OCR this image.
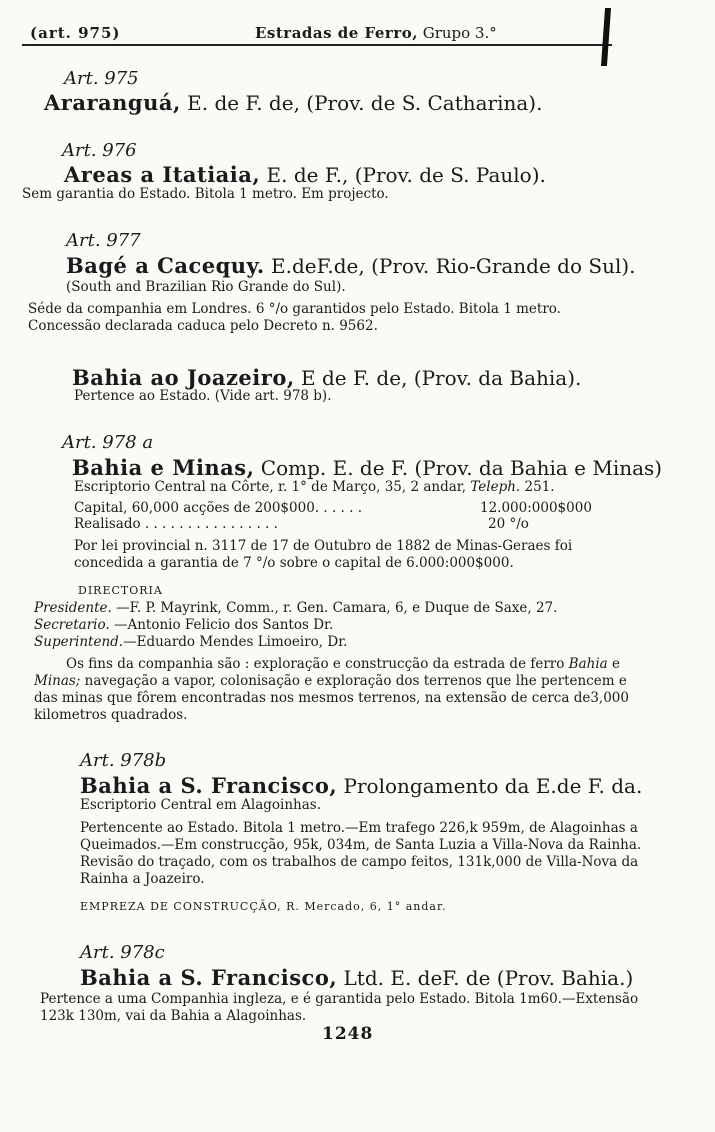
(art. 975)	Estradas de Ferro, Grupo 3.°
Art. 975
Araranguá, E. de F. de, (Prov. de S. Catharina).
Art. 976
Areas a Itatiaia, E. de F., (Prov. de S. Paulo).
Sem garantia do Estado. Bitola 1 metro. Em projecto.
Art. 977
Bagé a Cacequy. E.deF.de, (Prov. Rio-Grande do Sul).
(South and Brazilian Rio Grande do Sul).
Séde da companhia em Londres. 6 °/o garantidos pelo Estado. Bitola 1 metro.
Concessão declarada caduca pelo Decreto n. 9562.
Bahia ao Joazeiro, E de F. de, (Prov. da Bahia).
Pertence ao Estado. (Vide art. 978 b).
Art. 978 a
Bahia e Minas, Comp. E. de F. (Prov. da Bahia e Minas)
Escriptorio Central na Côrte, r. 1° de Março, 35, 2 andar, Teleph. 251.
Capital, 60,000 acções de 200$000. . . . . .	12.000:000$000
Realisado . . . . . . . . . . . . . . . .	20 °/o
Por lei provincial n. 3117 de 17 de Outubro de 1882 de Minas-Geraes foi
concedida a garantia de 7 °/o sobre o capital de 6.000:000$000.
DIRECTORIA
Presidente. —F. P. Mayrink, Comm., r. Gen. Camara, 6, e Duque de Saxe, 27.
Secretario. —Antonio Felicio dos Santos Dr.
Superintend.—Eduardo Mendes Limoeiro, Dr.
Os fins da companhia são : exploração e construcção da estrada de ferro Bahia e
Minas; navegação a vapor, colonisação e exploração dos terrenos que lhe pertencem e
das minas que fôrem encontradas nos mesmos terrenos, na extensão de cerca de3,000
kilometros quadrados.
Art. 978b
Bahia a S. Francisco, Prolongamento da E.de F. da.
Escriptorio Central em Alagoinhas.
Pertencente ao Estado. Bitola 1 metro.—Em trafego 226,k 959m, de Alagoinhas a
Queimados.—Em construcção, 95k, 034m, de Santa Luzia a Villa-Nova da Rainha.
Revisão do traçado, com os trabalhos de campo feitos, 131k,000 de Villa-Nova da
Rainha a Joazeiro.
EMPREZA DE CONSTRUCÇÃO, R. Mercado, 6, 1° andar.
Art. 978c
Bahia a S. Francisco, Ltd. E. deF. de (Prov. Bahia.)
Pertence a uma Companhia ingleza, e é garantida pelo Estado. Bitola 1m60.—Extensão
123k 130m, vai da Bahia a Alagoinhas.
1248
